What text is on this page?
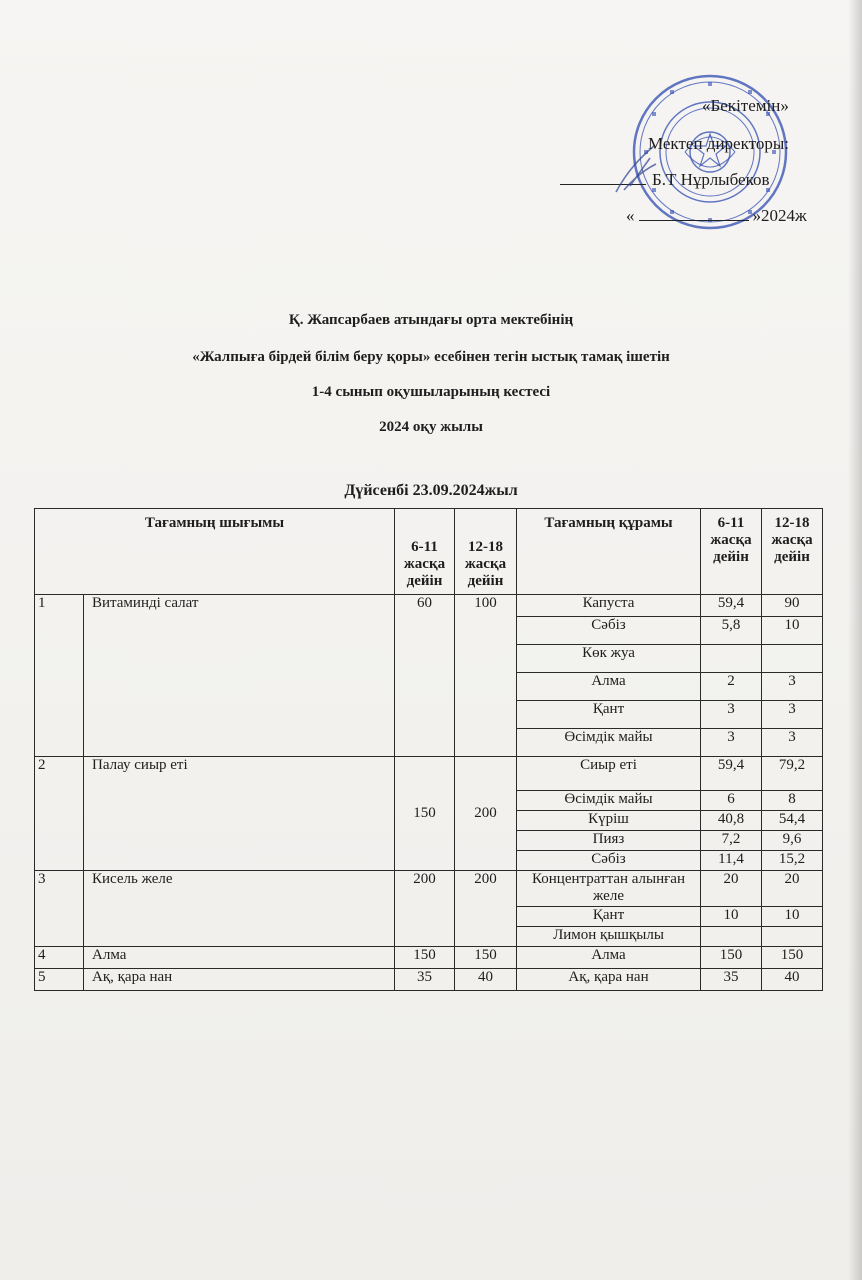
«Бекітемін»
Мектеп директоры:
Б.Т Нұрлыбеков
«	»2024ж
Қ. Жапсарбаев атындағы орта мектебінің
«Жалпыға бірдей білім беру қоры» есебінен тегін ыстық тамақ ішетін
1-4 сынып оқушыларының кестесі
2024 оқу жылы
Дүйсенбі 23.09.2024жыл
Тағамның шығымы		6-11 жасқа дейін	12-18 жасқа дейін	Тағамның құрамы	6-11 жасқа дейін	12-18 жасқа дейін
1	Витаминді салат	60	100	Капуста	59,4	90
				Сәбіз	5,8	10
				Көк жуа		
				Алма	2	3
				Қант	3	3
				Өсімдік майы	3	3
2	Палау сиыр еті	150	200	Сиыр еті	59,4	79,2
				Өсімдік майы	6	8
				Күріш	40,8	54,4
				Пияз	7,2	9,6
				Сәбіз	11,4	15,2
3	Кисель желе	200	200	Концентраттан алынған желе	20	20
				Қант	10	10
				Лимон қышқылы		
4	Алма	150	150	Алма	150	150
5	Ақ, қара нан	35	40	Ақ, қара нан	35	40
